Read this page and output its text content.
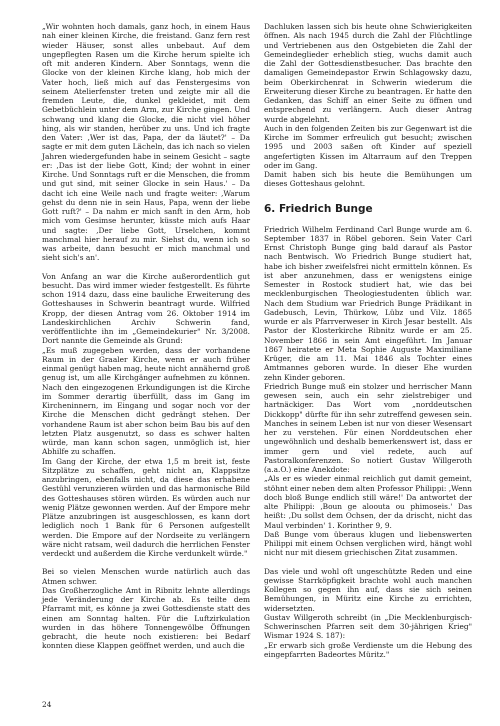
„Wir wohnten hoch damals, ganz hoch, in einem Haus nah einer kleinen Kirche, die freistand. Ganz fern rest wieder Häuser, sonst alles unbebaut. Auf dem ungepflegten Rasen um die Kirche herum spielte ich oft mit anderen Kindern. Aber Sonntags, wenn die Glocke von der kleinen Kirche klang, hob mich der Vater hoch, ließ mich auf das Fenstergesims von seinem Atelierfenster treten und zeigte mir all die fremden Leute, die, dunkel gekleidet, mit dem Gebetbüchlein unter dem Arm, zur Kirche gingen. Und schwang und klang die Glocke, die nicht viel höher hing, als wir standen, herüber zu uns. Und ich fragte den Vater: ‚Wer ist das, Papa, der da läutet?' – Da sagte er mit dem guten Lächeln, das ich nach so vielen Jahren wiedergefunden habe in seinem Gesicht – sagte er: ‚Das ist der liebe Gott, Kind; der wohnt in einer Kirche. Und Sonntags ruft er die Menschen, die fromm und gut sind, mit seiner Glocke in sein Haus.' – Da dacht ich eine Weile nach und fragte weiter: ‚Warum gehst du denn nie in sein Haus, Papa, wenn der liebe Gott ruft?' – Da nahm er mich sanft in den Arm, hob mich vom Gesimse herunter, küsste mich aufs Haar und sagte: ‚Der liebe Gott, Urselchen, kommt manchmal hier herauf zu mir. Siehst du, wenn ich so was arbeite, dann besucht er mich manchmal und sieht sich's an'.

Von Anfang an war die Kirche außerordentlich gut besucht. Das wird immer wieder festgestellt. Es führte schon 1914 dazu, dass eine bauliche Erweiterung des Gotteshauses in Schwerin beantragt wurde. Wilfried Kropp, der diesen Antrag vom 26. Oktober 1914 im Landeskirchlichen Archiv Schwerin fand, veröffentlichte ihn im „Gemeindekurier" Nr. 3/2008. Dort nannte die Gemeinde als Grund:

„Es muß zugegeben werden, dass der vorhandene Raum in der Graaler Kirche, wenn er auch früher einmal genügt haben mag, heute nicht annähernd groß genug ist, um alle Kirchgänger aufnehmen zu können. Nach den eingezogenen Erkundigungen ist die Kirche im Sommer derartig überfüllt, dass im Gang im Kircheninnern, im Eingang und sogar noch vor der Kirche die Menschen dicht gedrängt stehen. Der vorhandene Raum ist aber schon beim Bau bis auf den letzten Platz ausgenutzt, so dass es schwer halten würde, man kann schon sagen, unmöglich ist, hier Abhilfe zu schaffen.

Im Gang der Kirche, der etwa 1,5 m breit ist, feste Sitzplätze zu schaffen, geht nicht an, Klappsitze anzubringen, ebenfalls nicht, da diese das erhabene Gestühl verunzieren würden und das harmonische Bild des Gotteshauses stören würden. Es würden auch nur wenig Plätze gewonnen werden. Auf der Empore mehr Plätze anzubringen ist ausgeschlossen, es kann dort lediglich noch 1 Bank für 6 Personen aufgestellt werden. Die Empore auf der Nordseite zu verlängern wäre nicht ratsam, weil dadurch die herrlichen Fenster verdeckt und außerdem die Kirche verdunkelt würde."

Bei so vielen Menschen wurde natürlich auch das Atmen schwer.

Das Großherzogliche Amt in Ribnitz lehnte allerdings jede Veränderung der Kirche ab. Es teilte dem Pfarramt mit, es könne ja zwei Gottesdienste statt des einen am Sonntag halten. Für die Luftzirkulation wurden in das höhere Tonnengewölbe Öffnungen gebracht, die heute noch existieren: bei Bedarf konnten diese Klappen geöffnet werden, und auch die

Dachluken lassen sich bis heute ohne Schwierigkeiten öffnen. Als nach 1945 durch die Zahl der Flüchtlinge und Vertriebenen aus den Ostgebieten die Zahl der Gemeindeglieder erheblich stieg, wuchs damit auch die Zahl der Gottesdienstbesucher. Das brachte den damaligen Gemeindepastor Erwin Schlagowsky dazu, beim Oberkirchenrat in Schwerin wiederum die Erweiterung dieser Kirche zu beantragen. Er hatte den Gedanken, das Schiff an einer Seite zu öffnen und entsprechend zu verlängern. Auch dieser Antrag wurde abgelehnt.

Auch in den folgenden Zeiten bis zur Gegenwart ist die Kirche im Sommer erfreulich gut besucht; zwischen 1995 und 2003 saßen oft Kinder auf speziell angefertigten Kissen im Altarraum auf den Treppen oder im Gang.

Damit haben sich bis heute die Bemühungen um dieses Gotteshaus gelohnt.

6. Friedrich Bunge

Friedrich Wilhelm Ferdinand Carl Bunge wurde am 6. September 1837 in Röbel geboren. Sein Vater Carl Ernst Christoph Bunge ging bald darauf als Pastor nach Bentwisch. Wo Friedrich Bunge studiert hat, habe ich bisher zweifelsfrei nicht ermitteln können. Es ist aber anzunehmen, dass er wenigstens einige Semester in Rostock studiert hat, wie das bei mecklenburgischen Theologiestudenten üblich war. Nach dem Studium war Friedrich Bunge Prädikant in Gadebusch, Levin, Thürkow, Lübz und Vilz. 1865 wurde er als Pfarrverweser in Kirch Jesar bestellt. Als Pastor der Klosterkirche Ribnitz wurde er am 25. November 1866 in sein Amt eingeführt. Im Januar 1867 heiratete er Meta Sophie Auguste Maximiliane Krüger, die am 11. Mai 1846 als Tochter eines Amtmannes geboren wurde. In dieser Ehe wurden zehn Kinder geboren.

Friedrich Bunge muß ein stolzer und herrischer Mann gewesen sein, auch ein sehr zielstrebiger und hartnäckiger. Das Wort vom „norddeutschen Dickkopp" dürfte für ihn sehr zutreffend gewesen sein. Manches in seinem Leben ist nur von dieser Wesensart her zu verstehen. Für einen Norddeutschen eher ungewöhnlich und deshalb bemerkenswert ist, dass er immer gern und viel redete, auch auf Pastoralkonferenzen. So notiert Gustav Willgeroth (a.a.O.) eine Anekdote:

„Als er es wieder einmal reichlich gut damit gemeint, stöhnt einer neben dem alten Professor Philippi: ‚Wenn doch bloß Bunge endlich still wäre!' Da antwortet der alte Philippi: ‚Boun ge aloouta ou phimoseis.' Das heißt: ‚Du sollst dem Ochsen, der da drischt, nicht das Maul verbinden' 1. Korinther 9, 9.

Daß Bunge vom überaus klugen und liebenswerten Philippi mit einem Ochsen verglichen wird, hängt wohl nicht nur mit diesem griechischen Zitat zusammen.

Das viele und wohl oft ungeschützte Reden und eine gewisse Starrköpfigkeit brachte wohl auch manchen Kollegen so gegen ihn auf, dass sie sich seinen Bemühungen, in Müritz eine Kirche zu errichten, widersetzten.

Gustav Willgeroth schreibt (in „Die Mecklenburgisch-Schwerinschen Pfarren seit dem 30-jährigen Krieg" Wismar 1924 S. 187):

„Er erwarb sich große Verdienste um die Hebung des eingepfarrten Badeortes Müritz."

24
